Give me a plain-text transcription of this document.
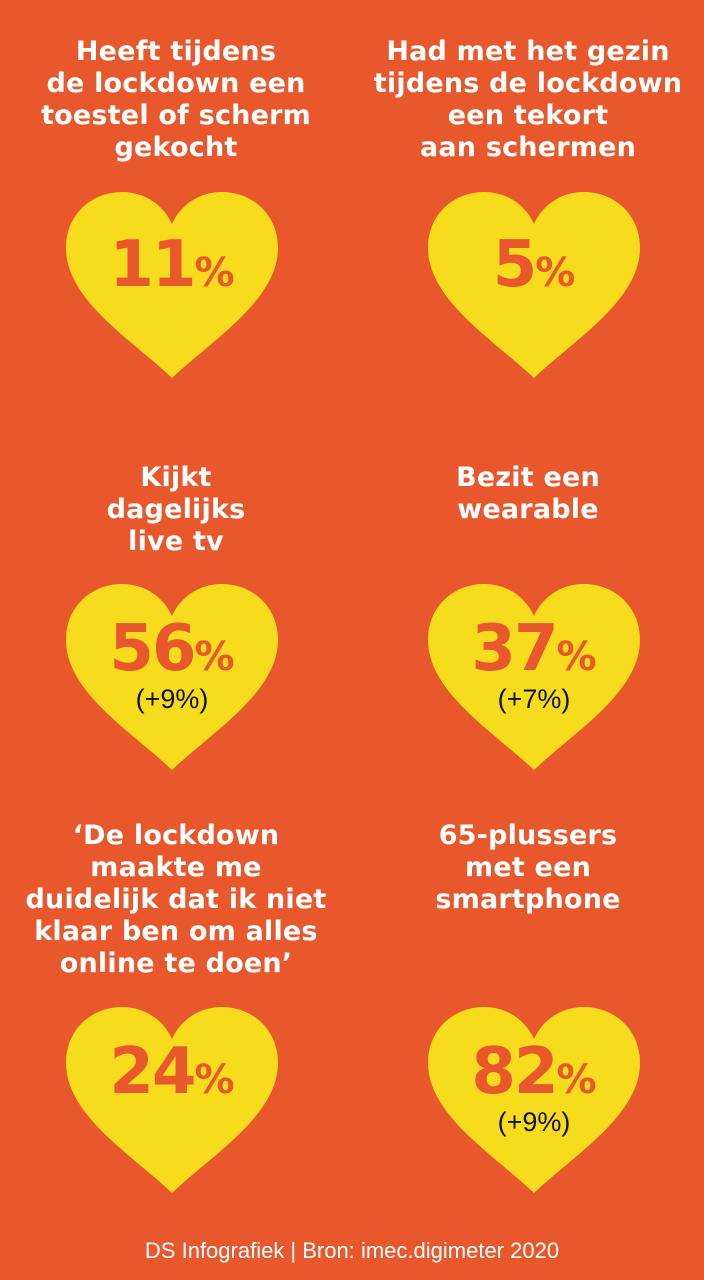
Heeft tijdens
de lockdown een
toestel of scherm
gekocht
11%
Had met het gezin
tijdens de lockdown
een tekort
aan schermen
5%
Kijkt
dagelijks
live tv
56%
(+9%)
Bezit een
wearable
37%
(+7%)
‘De lockdown
maakte me
duidelijk dat ik niet
klaar ben om alles
online te doen’
24%
65-plussers
met een
smartphone
82%
(+9%)
DS Infografiek | Bron: imec.digimeter 2020
